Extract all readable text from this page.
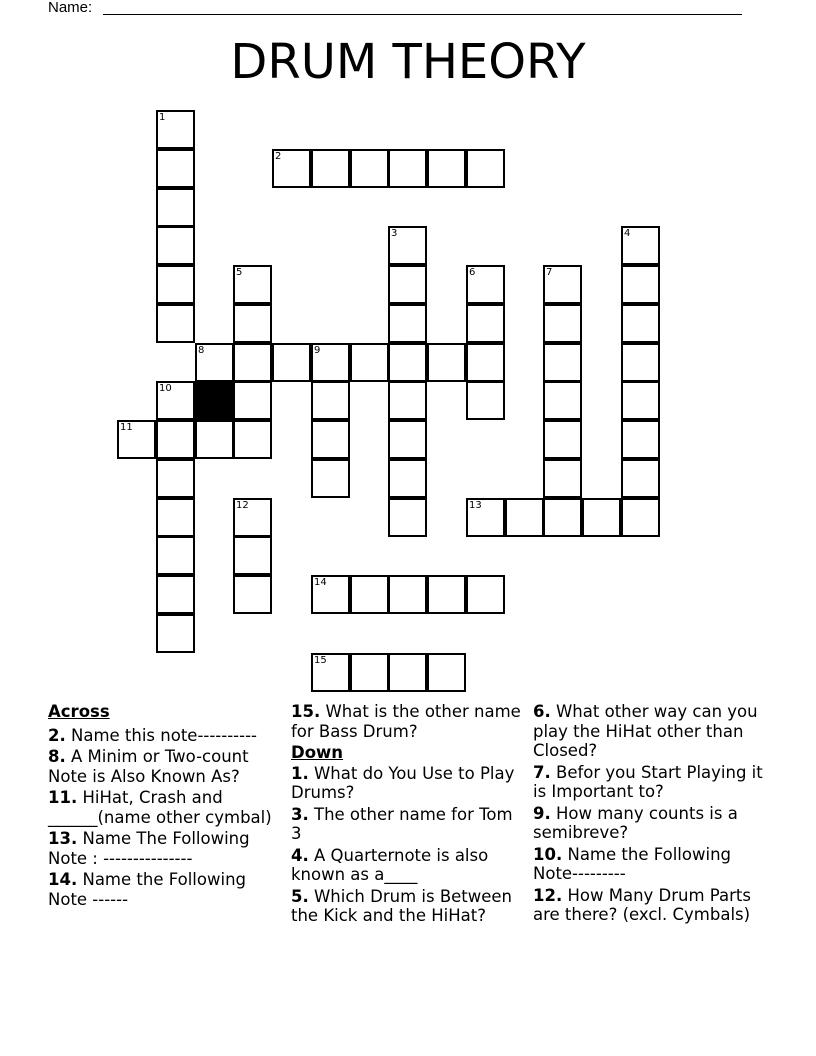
Name:
DRUM THEORY
1
2
3	4
5	6	7
8	9
10
11
12	13
14
15
Across
2. Name this note----------
8. A Minim or Two-count Note is Also Known As?
11. HiHat, Crash and ______(name other cymbal)
13. Name The Following Note : ---------------
14. Name the Following Note ------
15. What is the other name for Bass Drum?
Down
1. What do You Use to Play Drums?
3. The other name for Tom 3
4. A Quarternote is also known as a____
5. Which Drum is Between the Kick and the HiHat?
6. What other way can you play the HiHat other than Closed?
7. Befor you Start Playing it is Important to?
9. How many counts is a semibreve?
10. Name the Following Note---------
12. How Many Drum Parts are there? (excl. Cymbals)
